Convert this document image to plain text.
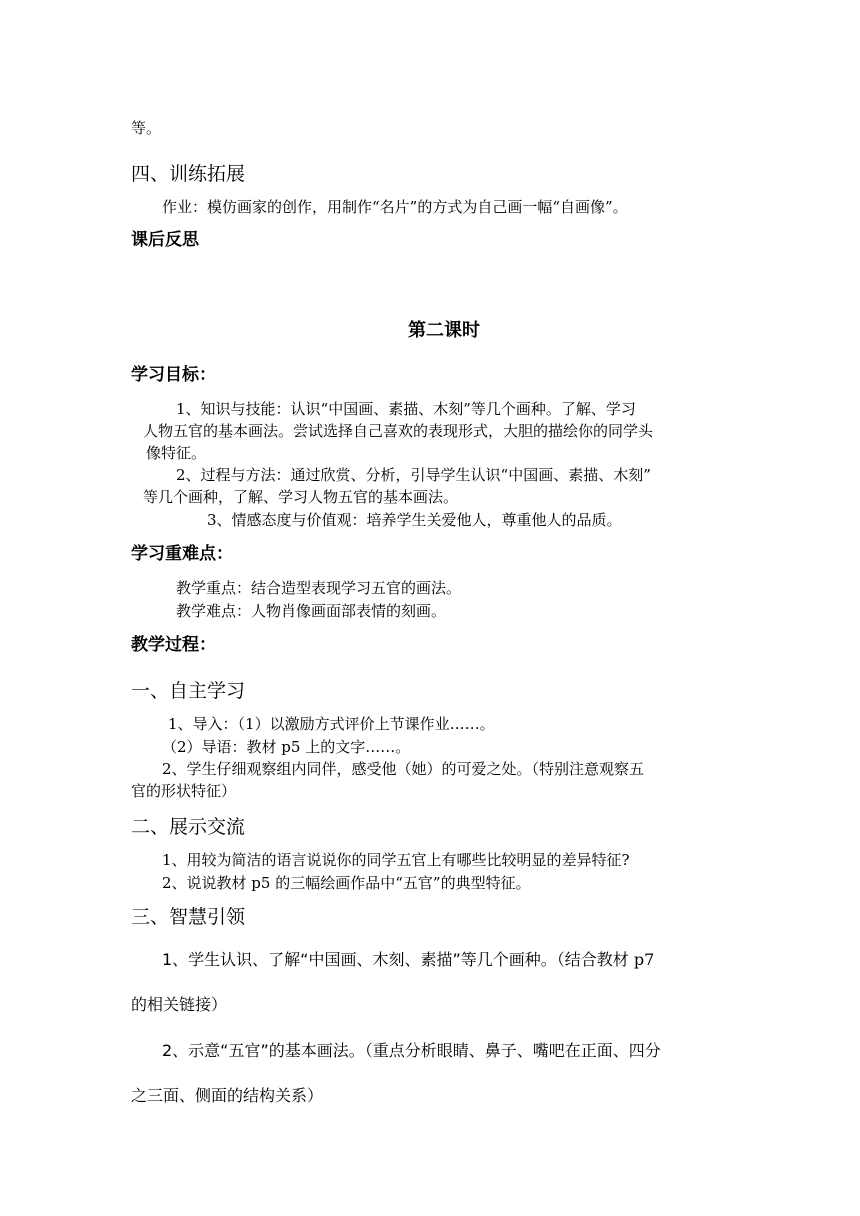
等。
四、训练拓展
作业：模仿画家的创作，用制作“名片”的方式为自己画一幅“自画像”。
课后反思
第二课时
学习目标：
1、知识与技能：认识“中国画、素描、木刻”等几个画种。了解、学习
人物五官的基本画法。尝试选择自己喜欢的表现形式，大胆的描绘你的同学头
像特征。
2、过程与方法：通过欣赏、分析，引导学生认识“中国画、素描、木刻”
等几个画种，了解、学习人物五官的基本画法。
3、情感态度与价值观：培养学生关爱他人，尊重他人的品质。
学习重难点：
教学重点：结合造型表现学习五官的画法。
教学难点：人物肖像画面部表情的刻画。
教学过程：
一、自主学习
1、导入：（1）以激励方式评价上节课作业……。
（2）导语：教材 p5 上的文字……。
2、学生仔细观察组内同伴，感受他（她）的可爱之处。（特别注意观察五
官的形状特征）
二、展示交流
1、用较为简洁的语言说说你的同学五官上有哪些比较明显的差异特征?
2、说说教材 p5 的三幅绘画作品中“五官”的典型特征。
三、智慧引领
1、学生认识、了解“中国画、木刻、素描”等几个画种。（结合教材 p7
的相关链接）
2、示意“五官”的基本画法。（重点分析眼睛、鼻子、嘴吧在正面、四分
之三面、侧面的结构关系）
